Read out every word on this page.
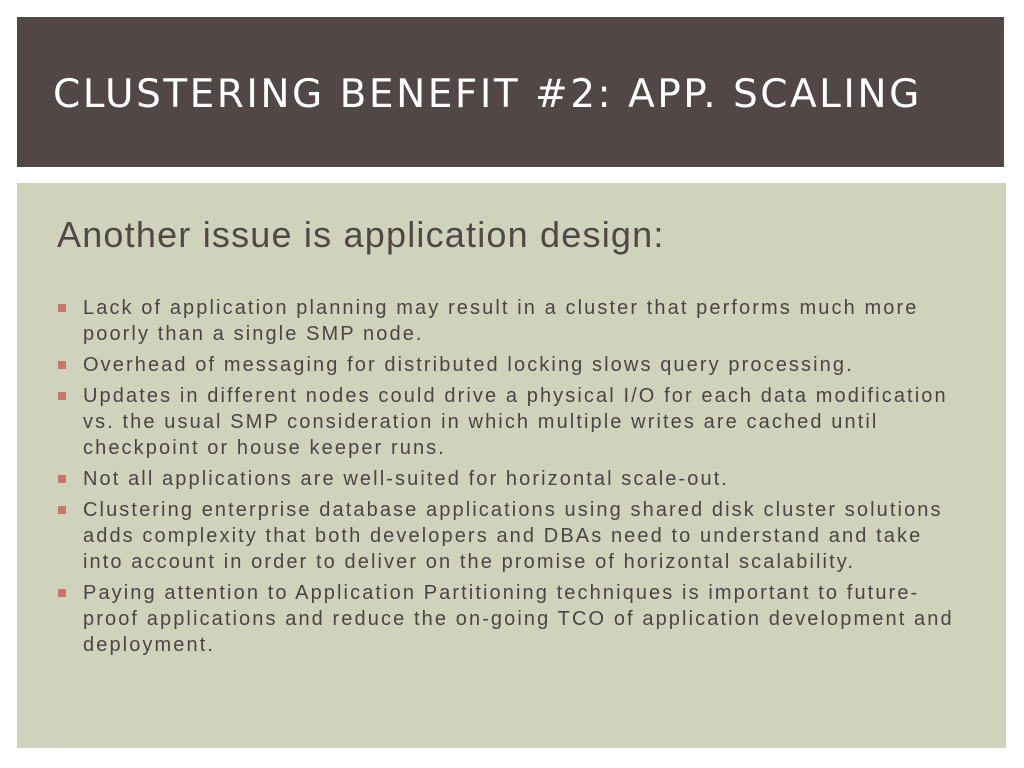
CLUSTERING BENEFIT #2: APP. SCALING
Another issue is application design:
Lack of application planning may result in a cluster that performs much more poorly than a single SMP node.
Overhead of messaging for distributed locking slows query processing.
Updates in different nodes could drive a physical I/O for each data modification vs. the usual SMP consideration in which multiple writes are cached until checkpoint or house keeper runs.
Not all applications are well-suited for horizontal scale-out.
Clustering enterprise database applications using shared disk cluster solutions adds complexity that both developers and DBAs need to understand and take into account in order to deliver on the promise of horizontal scalability.
Paying attention to Application Partitioning techniques is important to future-proof applications and reduce the on-going TCO of application development and deployment.
